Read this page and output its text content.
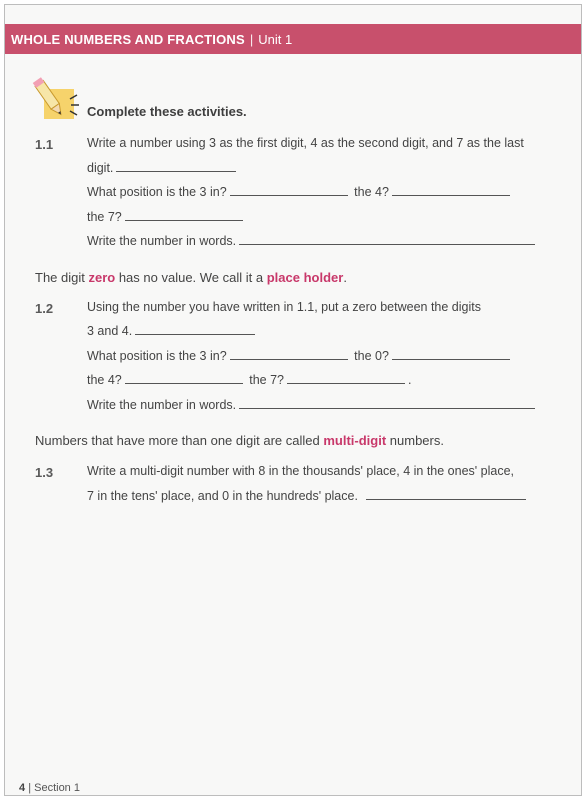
WHOLE NUMBERS AND FRACTIONS | Unit 1
Complete these activities.
1.1	Write a number using 3 as the first digit, 4 as the second digit, and 7 as the last
digit.
What position is the 3 in?	the 4?
the 7?
Write the number in words.
The digit zero has no value. We call it a place holder.
1.2	Using the number you have written in 1.1, put a zero between the digits
3 and 4.
What position is the 3 in?	the 0?
the 4?	the 7?	.
Write the number in words.
Numbers that have more than one digit are called multi-digit numbers.
1.3	Write a multi-digit number with 8 in the thousands' place, 4 in the ones' place,
7 in the tens' place, and 0 in the hundreds' place.
4 | Section 1
